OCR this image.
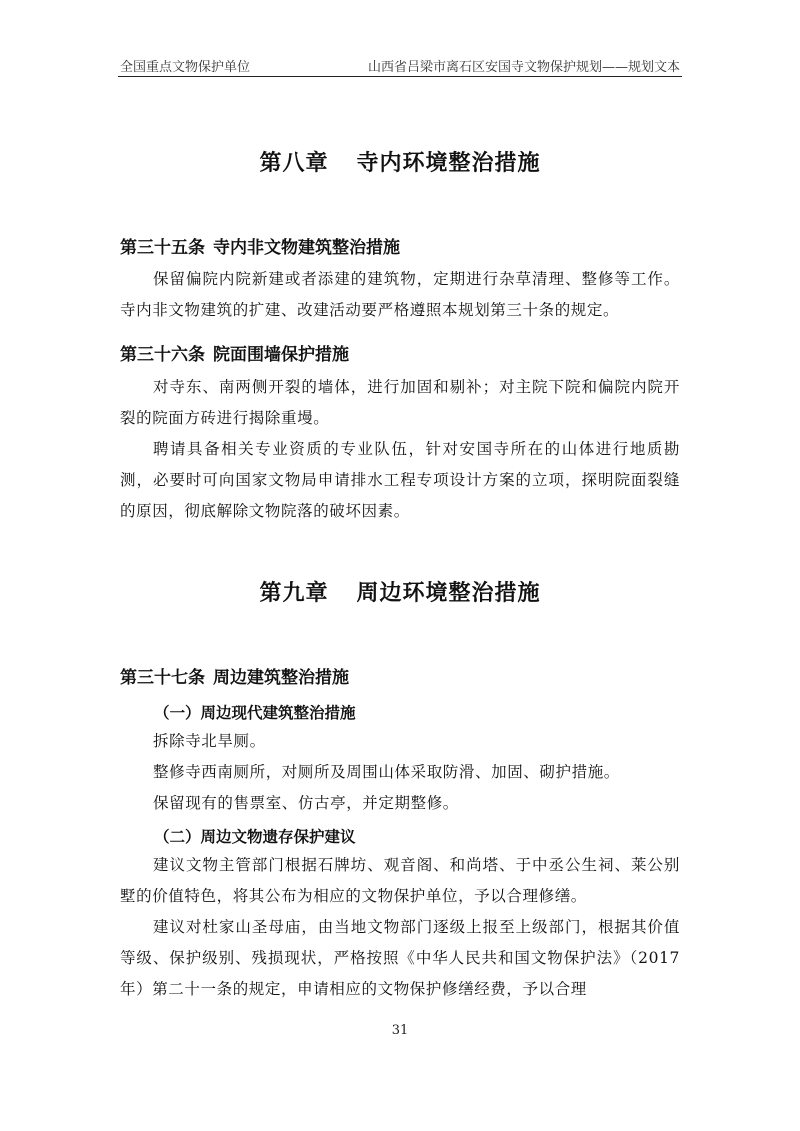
全国重点文物保护单位	山西省吕梁市离石区安国寺文物保护规划——规划文本
第八章 寺内环境整治措施
第三十五条 寺内非文物建筑整治措施

保留偏院内院新建或者添建的建筑物，定期进行杂草清理、整修等工作。寺内非文物建筑的扩建、改建活动要严格遵照本规划第三十条的规定。

第三十六条 院面围墙保护措施

对寺东、南两侧开裂的墙体，进行加固和剔补；对主院下院和偏院内院开裂的院面方砖进行揭除重墁。

聘请具备相关专业资质的专业队伍，针对安国寺所在的山体进行地质勘测，必要时可向国家文物局申请排水工程专项设计方案的立项，探明院面裂缝的原因，彻底解除文物院落的破坏因素。

第九章 周边环境整治措施
第三十七条 周边建筑整治措施
（一）周边现代建筑整治措施

拆除寺北旱厕。

整修寺西南厕所，对厕所及周围山体采取防滑、加固、砌护措施。

保留现有的售票室、仿古亭，并定期整修。

（二）周边文物遗存保护建议

建议文物主管部门根据石牌坊、观音阁、和尚塔、于中丞公生祠、莱公别墅的价值特色，将其公布为相应的文物保护单位，予以合理修缮。

建议对杜家山圣母庙，由当地文物部门逐级上报至上级部门，根据其价值等级、保护级别、残损现状，严格按照《中华人民共和国文物保护法》（2017年）第二十一条的规定，申请相应的文物保护修缮经费，予以合理

31
